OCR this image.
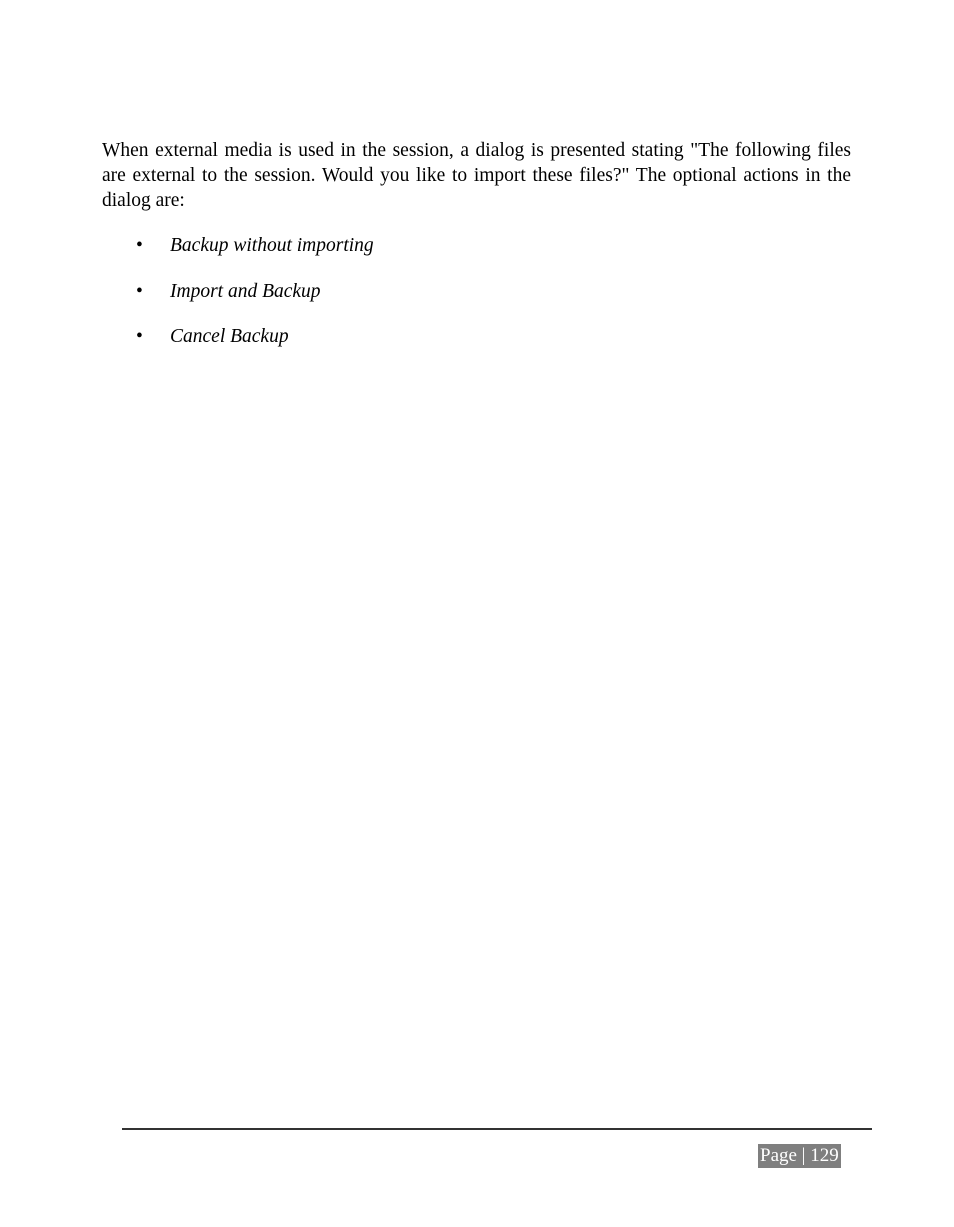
When external media is used in the session, a dialog is presented stating "The following files are external to the session. Would you like to import these files?" The optional actions in the dialog are:

• Backup without importing
• Import and Backup
• Cancel Backup
Page | 129
